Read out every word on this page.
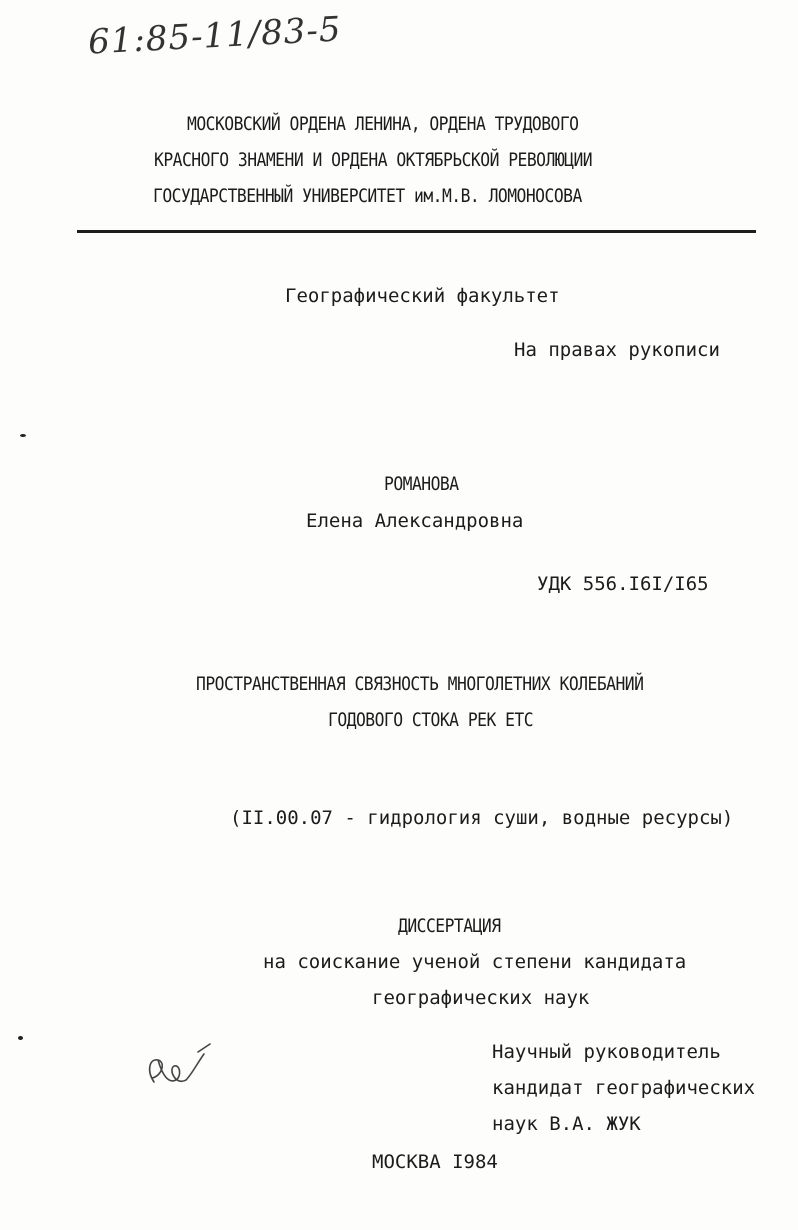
61:85-11/83-5
МОСКОВСКИЙ ОРДЕНА ЛЕНИНА, ОРДЕНА ТРУДОВОГО
КРАСНОГО ЗНАМЕНИ И ОРДЕНА ОКТЯБРЬСКОЙ РЕВОЛЮЦИИ
ГОСУДАРСТВЕННЫЙ УНИВЕРСИТЕТ им.М.В. ЛОМОНОСОВА
Географический факультет
На правах рукописи
РОМАНОВА
Елена Александровна
УДК 556.I6I/I65
ПРОСТРАНСТВЕННАЯ СВЯЗНОСТЬ МНОГОЛЕТНИХ КОЛЕБАНИЙ
ГОДОВОГО СТОКА РЕК ЕТС
(II.00.07 - гидрология суши, водные ресурсы)
ДИССЕРТАЦИЯ
на соискание ученой степени кандидата
географических наук
Научный руководитель
кандидат географических
наук В.А. ЖУК
МОСКВА I984
